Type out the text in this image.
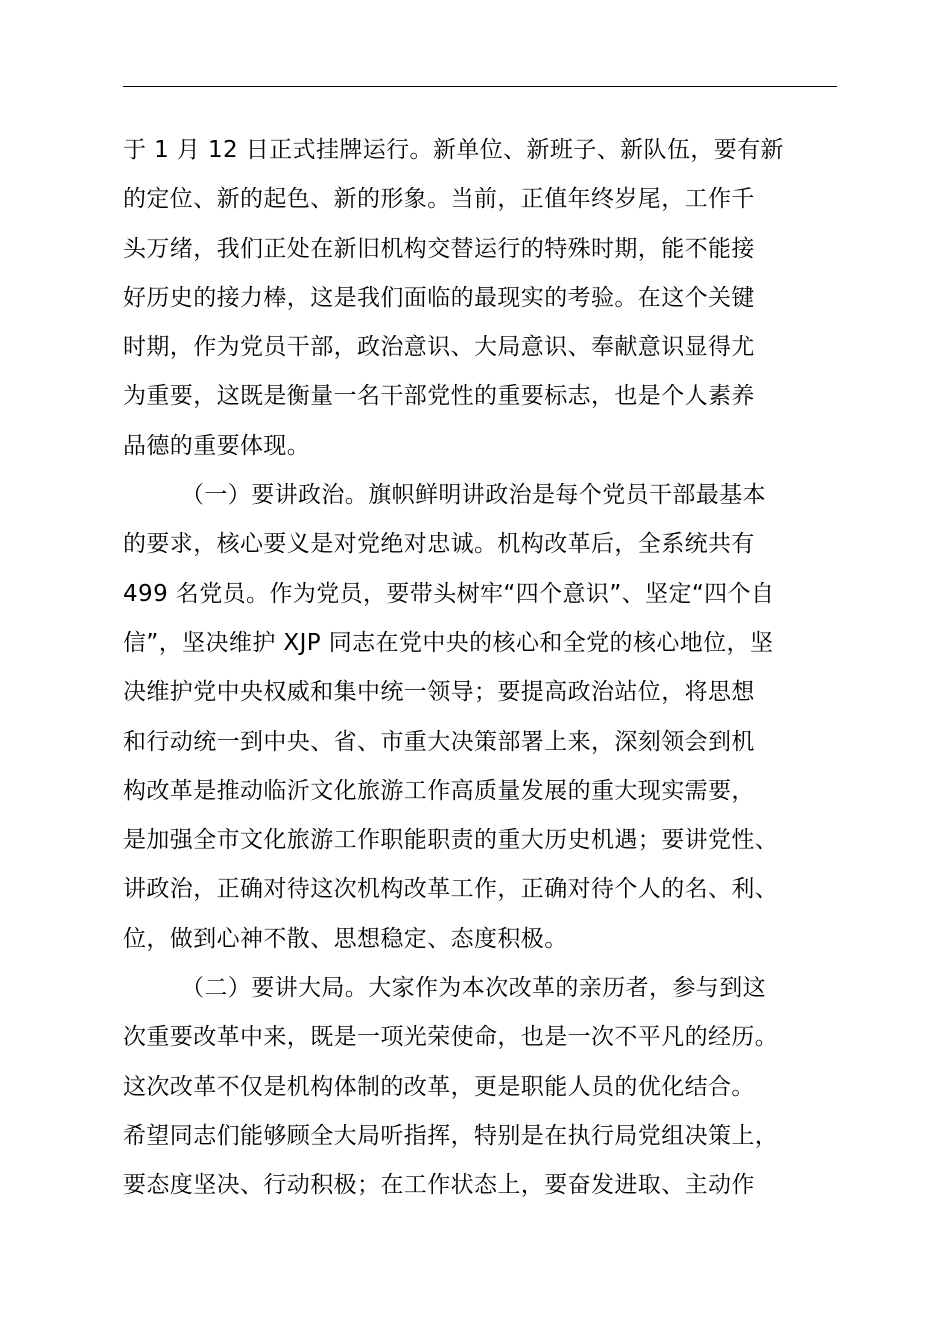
于 1 月 12 日正式挂牌运行。新单位、新班子、新队伍，要有新
的定位、新的起色、新的形象。当前，正值年终岁尾，工作千
头万绪，我们正处在新旧机构交替运行的特殊时期，能不能接
好历史的接力棒，这是我们面临的最现实的考验。在这个关键
时期，作为党员干部，政治意识、大局意识、奉献意识显得尤
为重要，这既是衡量一名干部党性的重要标志，也是个人素养
品德的重要体现。
（一）要讲政治。旗帜鲜明讲政治是每个党员干部最基本
的要求，核心要义是对党绝对忠诚。机构改革后，全系统共有
499 名党员。作为党员，要带头树牢“四个意识”、坚定“四个自
信”，坚决维护 XJP 同志在党中央的核心和全党的核心地位，坚
决维护党中央权威和集中统一领导；要提高政治站位，将思想
和行动统一到中央、省、市重大决策部署上来，深刻领会到机
构改革是推动临沂文化旅游工作高质量发展的重大现实需要，
是加强全市文化旅游工作职能职责的重大历史机遇；要讲党性、
讲政治，正确对待这次机构改革工作，正确对待个人的名、利、
位，做到心神不散、思想稳定、态度积极。
（二）要讲大局。大家作为本次改革的亲历者，参与到这
次重要改革中来，既是一项光荣使命，也是一次不平凡的经历。
这次改革不仅是机构体制的改革，更是职能人员的优化结合。
希望同志们能够顾全大局听指挥，特别是在执行局党组决策上，
要态度坚决、行动积极；在工作状态上，要奋发进取、主动作
